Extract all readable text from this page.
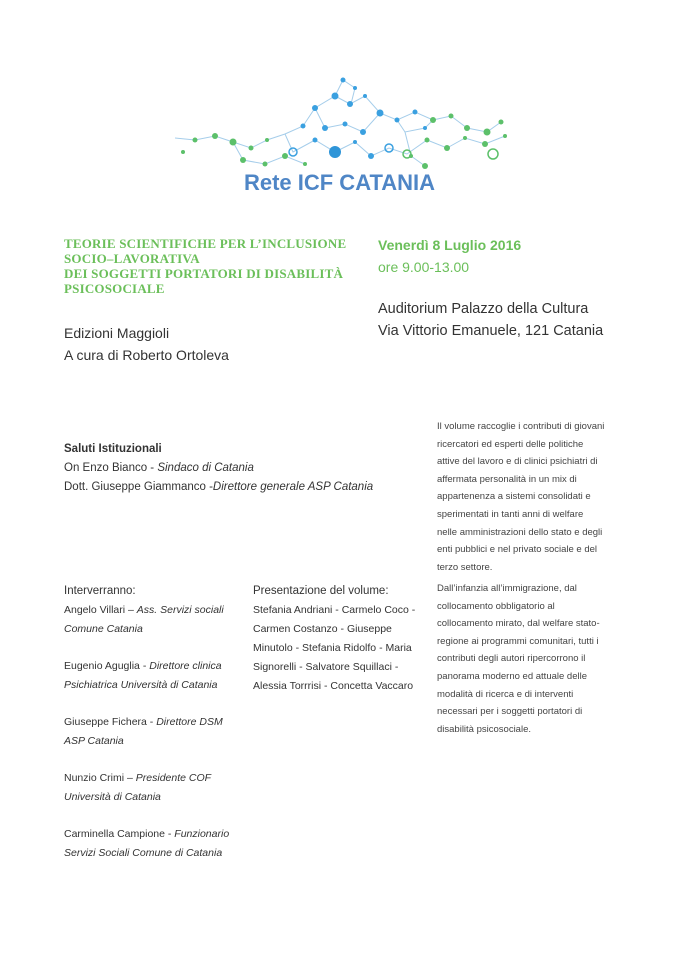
Rete ICF CATANIA
TEORIE SCIENTIFICHE PER L’INCLUSIONE
SOCIO–LAVORATIVA
DEI SOGGETTI PORTATORI DI DISABILITÀ
PSICOSOCIALE
Edizioni Maggioli
A cura di Roberto Ortoleva
Venerdì 8 Luglio 2016
ore 9.00-13.00
Auditorium Palazzo della Cultura
Via Vittorio Emanuele, 121 Catania
Saluti Istituzionali
On Enzo Bianco - Sindaco di Catania
Dott. Giuseppe Giammanco -Direttore generale ASP Catania
Interverranno:
Angelo Villari – Ass. Servizi sociali
Comune Catania
Eugenio Aguglia - Direttore clinica
Psichiatrica Università di Catania
Giuseppe Fichera - Direttore DSM
ASP Catania
Nunzio Crimi – Presidente COF
Università di Catania
Carminella Campione - Funzionario
Servizi Sociali Comune di Catania
Presentazione del volume:
Stefania Andriani - Carmelo Coco -
Carmen Costanzo - Giuseppe
Minutolo - Stefania Ridolfo - Maria
Signorelli - Salvatore Squillaci -
Alessia Torrrisi - Concetta Vaccaro
Il volume raccoglie i contributi di giovani
ricercatori ed esperti delle politiche
attive del lavoro e di clinici psichiatri di
affermata personalità in un mix di
appartenenza a sistemi consolidati e
sperimentati in tanti anni di welfare
nelle amministrazioni dello stato e degli
enti pubblici e nel privato sociale e del
terzo settore.
Dall’infanzia all’immigrazione, dal
collocamento obbligatorio al
collocamento mirato, dal welfare stato-
regione ai programmi comunitari, tutti i
contributi degli autori ripercorrono il
panorama moderno ed attuale delle
modalità di ricerca e di interventi
necessari per i soggetti portatori di
disabilità psicosociale.
